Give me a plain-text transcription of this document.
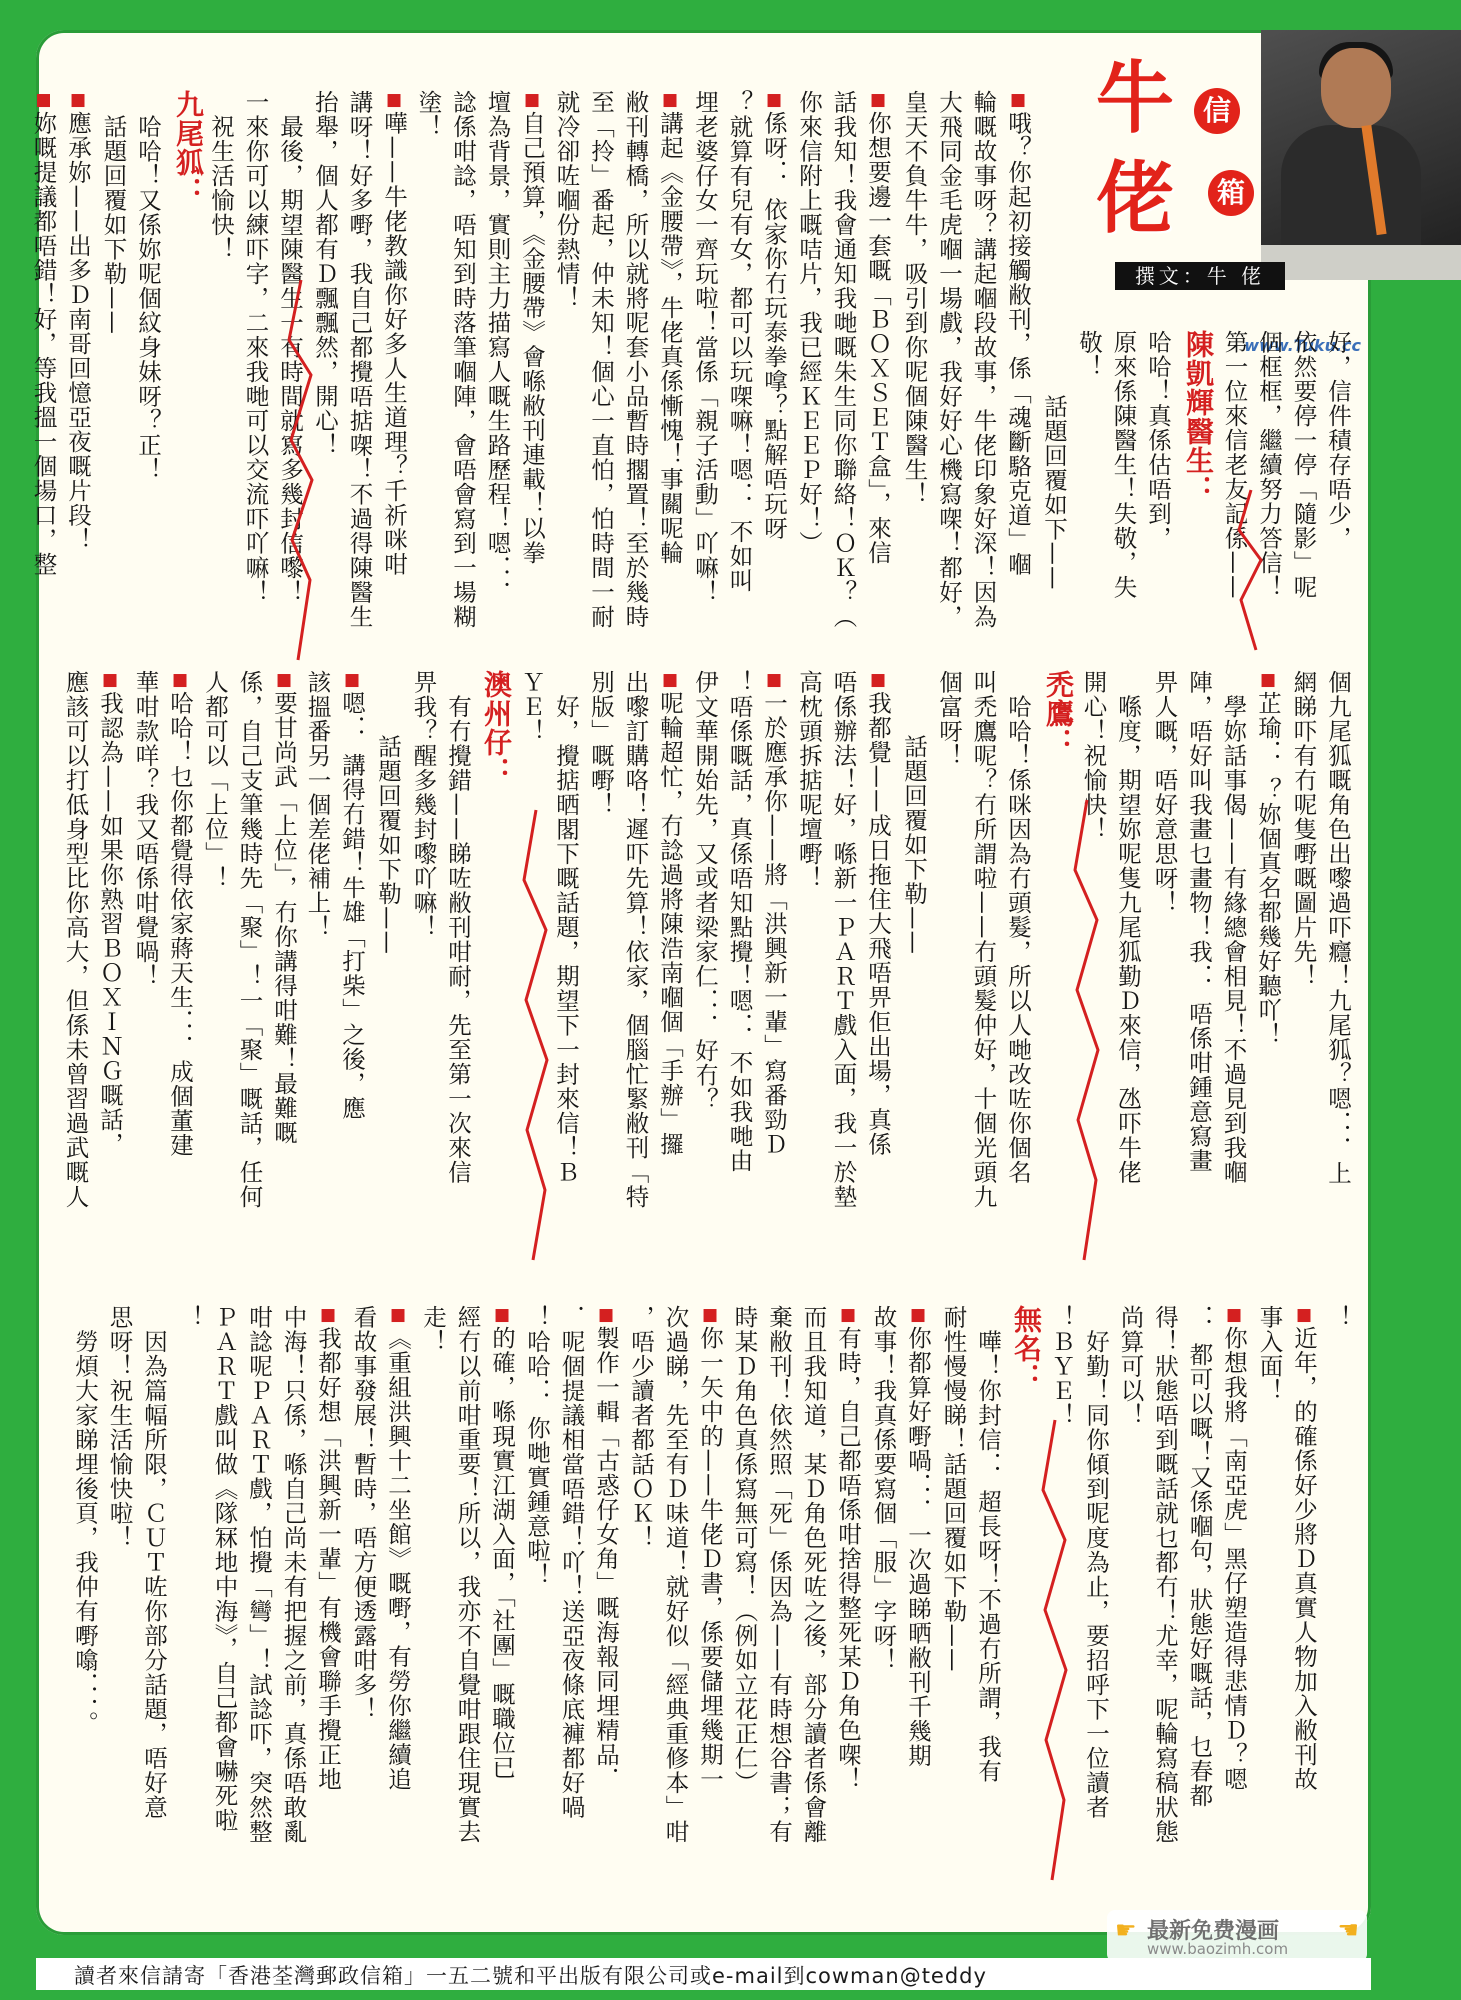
牛
佬
信
箱
撰文：牛 佬
www.Tuku.cc

好，信件積存唔少，

依然要停一停「隨影」呢

個框框，繼續努力答信！

第一位來信老友記係——

陳凱輝醫生：

哈哈！真係估唔到，

原來係陳醫生！失敬，失

敬！

　話題回覆如下——

■哦？你起初接觸敝刊，係「魂斷駱克道」嗰

輪嘅故事呀？講起嗰段故事，牛佬印象好深！因為

大飛同金毛虎嗰一場戲，我好好心機寫㗎！都好，

皇天不負牛牛，吸引到你呢個陳醫生！

■你想要邊一套嘅「ＢＯＸＳＥＴ盒」，來信

話我知！我會通知我哋嘅朱生同你聯絡！ＯＫ？（

你來信附上嘅咭片，我已經ＫＥＥＰ好！）

■係呀．．依家你冇玩泰拳嗱？點解唔玩呀

？就算有兒有女，都可以玩㗎嘛！嗯．．不如叫

埋老婆仔女一齊玩啦！當係「親子活動」吖嘛！

■講起《金腰帶》，牛佬真係慚愧！事關呢輪

敝刊轉橋，所以就將呢套小品暫時擱置！至於幾時

至「拎」番起，仲未知！個心一直怕，怕時間一耐

就冷卻咗嗰份熱情！

■自己預算，《金腰帶》會喺敝刊連載！以拳

壇為背景，實則主力描寫人嘅生路歷程！嗯．．．

諗係咁諗，唔知到時落筆嗰陣，會唔會寫到一場糊

塗！

■嘩——牛佬教識你好多人生道理？千祈咪咁

講呀！好多嘢，我自己都攪唔掂㗎！不過得陳醫生

抬舉，個人都有Ｄ飄飄然，開心！

　最後，期望陳醫生一有時間就寫多幾封信嚟！

一來你可以練吓字，二來我哋可以交流吓吖嘛！

　祝生活愉快！

九尾狐：

　哈哈！又係妳呢個紋身妹呀？正！

　話題回覆如下勒——

■應承妳——出多Ｄ南哥回憶亞夜嘅片段！

■妳嘅提議都唔錯！好，等我搵一個場口，整

個九尾狐嘅角色出嚟過吓癮！九尾狐？嗯．．．上

網睇吓有冇呢隻嘢嘅圖片先！

■芷瑜．．？妳個真名都幾好聽吖！

　學妳話事偈——有緣總會相見！不過見到我嗰

陣，唔好叫我畫乜畫物！我．．唔係咁鍾意寫畫

畀人嘅，唔好意思呀！

　喺度，期望妳呢隻九尾狐勤Ｄ來信，氹吓牛佬

開心！祝愉快！

禿鷹：

　哈哈！係咪因為冇頭髮，所以人哋改咗你個名

叫禿鷹呢？冇所謂啦——冇頭髮仲好，十個光頭九

個富呀！

　話題回覆如下勒——

■我都覺——成日拖住大飛唔畀佢出場，真係

唔係辦法！好，喺新一ＰＡＲＴ戲入面，我一於墊

高枕頭拆掂呢壇嘢！

■一於應承你——將「洪興新一輩」寫番勁Ｄ

！唔係嘅話，真係唔知點攪！嗯．．不如我哋由

伊文華開始先，又或者梁家仁．．．好冇？

■呢輪超忙，冇諗過將陳浩南嗰個「手辦」攞

出嚟訂購咯！遲吓先算！依家，個腦忙緊敝刊「特

別版」嘅嘢！

　好，攪掂晒閣下嘅話題，期望下一封來信！Ｂ

ＹＥ！

澳州仔：

　有冇攪錯——睇咗敝刊咁耐，先至第一次來信

畀我？醒多幾封嚟吖嘛！

　話題回覆如下勒——

■嗯．．講得冇錯！牛雄「打柴」之後，應

該搵番另一個差佬補上！

■要甘尚武「上位」，冇你講得咁難！最難嘅

係，自己支筆幾時先「聚」！一「聚」嘅話，任何

人都可以「上位」！

■哈哈！乜你都覺得依家蔣天生．．．成個董建

華咁款咩？我又唔係咁覺喎！

■我認為——如果你熟習ＢＯＸＩＮＧ嘅話，

應該可以打低身型比你高大，但係未曾習過武嘅人

！

■近年，的確係好少將Ｄ真實人物加入敝刊故

事入面！

■你想我將「南亞虎」黑仔塑造得悲情Ｄ？嗯

．．都可以嘅！又係嗰句，狀態好嘅話，乜春都

得！狀態唔到嘅話就乜都冇！尤幸，呢輪寫稿狀態

尚算可以！

　好勤！同你傾到呢度為止，要招呼下一位讀者

！ＢＹＥ！

無名：

　嘩！你封信．．超長呀！不過冇所謂，我有

耐性慢慢睇！話題回覆如下勒——

■你都算好嘢喎．．．一次過睇晒敝刊千幾期

故事！我真係要寫個「服」字呀！

■有時，自己都唔係咁捨得整死某Ｄ角色㗎！

而且我知道，某Ｄ角色死咗之後，部分讀者係會離

棄敝刊！依然照「死」係因為——有時想谷書；有

時某Ｄ角色真係寫無可寫！（例如立花正仁）

■你一矢中的——牛佬Ｄ書，係要儲埋幾期一

次過睇，先至有Ｄ味道！就好似「經典重修本」咁

，唔少讀者都話ＯＫ！

■製作一輯「古惑仔女角」嘅海報同埋精品．

．呢個提議相當唔錯！吖！送亞夜條底褲都好喎

！哈哈．．你哋實鍾意啦！

■的確，喺現實江湖入面，「社團」嘅職位已

經冇以前咁重要！所以，我亦不自覺咁跟住現實去

走！

■《重組洪興十二坐館》嘅嘢，有勞你繼續追

看故事發展！暫時，唔方便透露咁多！

■我都好想「洪興新一輩」有機會聯手攪正地

中海！只係，喺自己尚未有把握之前，真係唔敢亂

咁諗呢ＰＡＲＴ戲，怕攪「彎」！試諗吓，突然整

ＰＡＲＴ戲叫做《隊冧地中海》，自己都會嚇死啦

！

　因為篇幅所限，ＣＵＴ咗你部分話題，唔好意

思呀！祝生活愉快啦！

　勞煩大家睇埋後頁，我仲有嘢噏．．．。

讀者來信請寄「香港荃灣郵政信箱」一五二號和平出版有限公司或e-mail到cowman@teddy
☛ 最新免费漫画
www.baozimh.com
☚
